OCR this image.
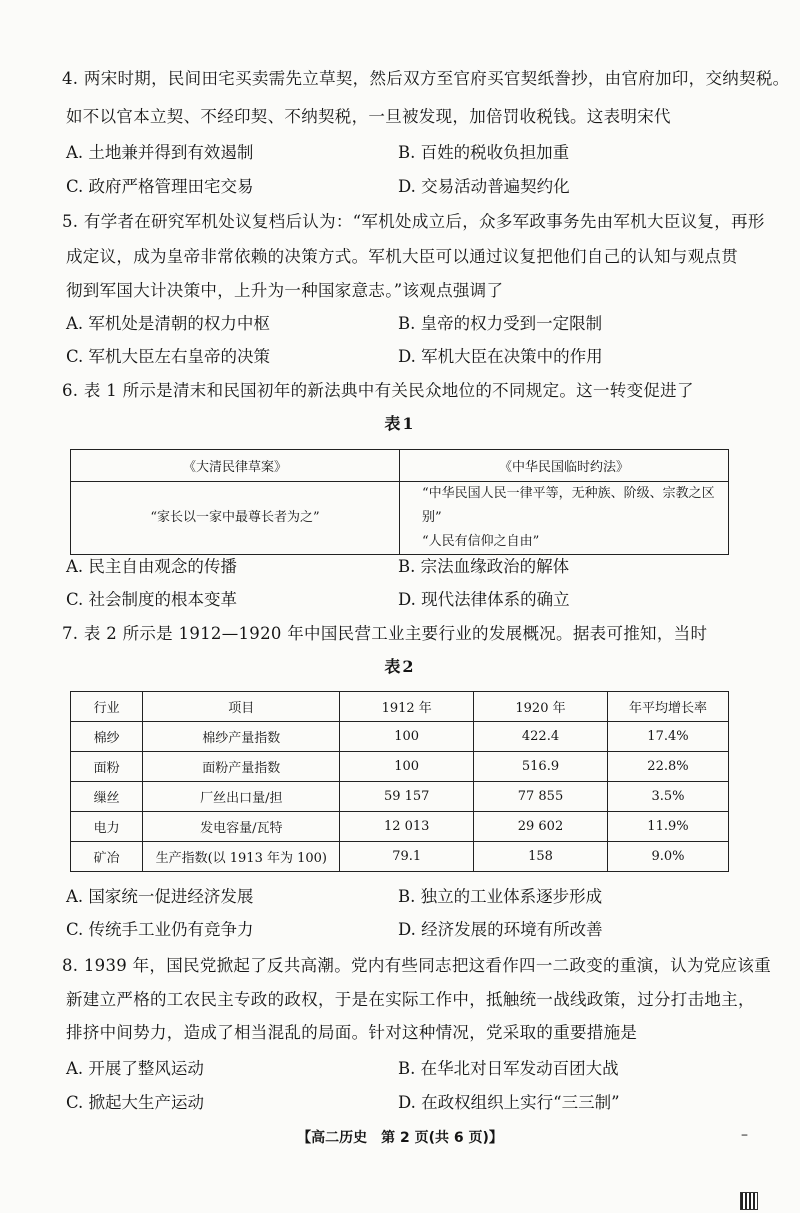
4. 两宋时期，民间田宅买卖需先立草契，然后双方至官府买官契纸誊抄，由官府加印，交纳契税。
如不以官本立契、不经印契、不纳契税，一旦被发现，加倍罚收税钱。这表明宋代
A. 土地兼并得到有效遏制	B. 百姓的税收负担加重
C. 政府严格管理田宅交易	D. 交易活动普遍契约化
5. 有学者在研究军机处议复档后认为：“军机处成立后，众多军政事务先由军机大臣议复，再形
成定议，成为皇帝非常依赖的决策方式。军机大臣可以通过议复把他们自己的认知与观点贯
彻到军国大计决策中，上升为一种国家意志。”该观点强调了
A. 军机处是清朝的权力中枢	B. 皇帝的权力受到一定限制
C. 军机大臣左右皇帝的决策	D. 军机大臣在决策中的作用
6. 表 1 所示是清末和民国初年的新法典中有关民众地位的不同规定。这一转变促进了
表1
《大清民律草案》	《中华民国临时约法》
“家长以一家中最尊长者为之”	“中华民国人民一律平等，无种族、阶级、宗教之区别”
“人民有信仰之自由”
A. 民主自由观念的传播	B. 宗法血缘政治的解体
C. 社会制度的根本变革	D. 现代法律体系的确立
7. 表 2 所示是 1912—1920 年中国民营工业主要行业的发展概况。据表可推知，当时
表2
行业	项目	1912 年	1920 年	年平均增长率
棉纱	棉纱产量指数	100	422.4	17.4%
面粉	面粉产量指数	100	516.9	22.8%
缫丝	厂丝出口量/担	59 157	77 855	3.5%
电力	发电容量/瓦特	12 013	29 602	11.9%
矿冶	生产指数(以 1913 年为 100)	79.1	158	9.0%
A. 国家统一促进经济发展	B. 独立的工业体系逐步形成
C. 传统手工业仍有竞争力	D. 经济发展的环境有所改善
8. 1939 年，国民党掀起了反共高潮。党内有些同志把这看作四一二政变的重演，认为党应该重
新建立严格的工农民主专政的政权，于是在实际工作中，抵触统一战线政策，过分打击地主，
排挤中间势力，造成了相当混乱的局面。针对这种情况，党采取的重要措施是
A. 开展了整风运动	B. 在华北对日军发动百团大战
C. 掀起大生产运动	D. 在政权组织上实行“三三制”
【高二历史　第 2 页(共 6 页)】	–
